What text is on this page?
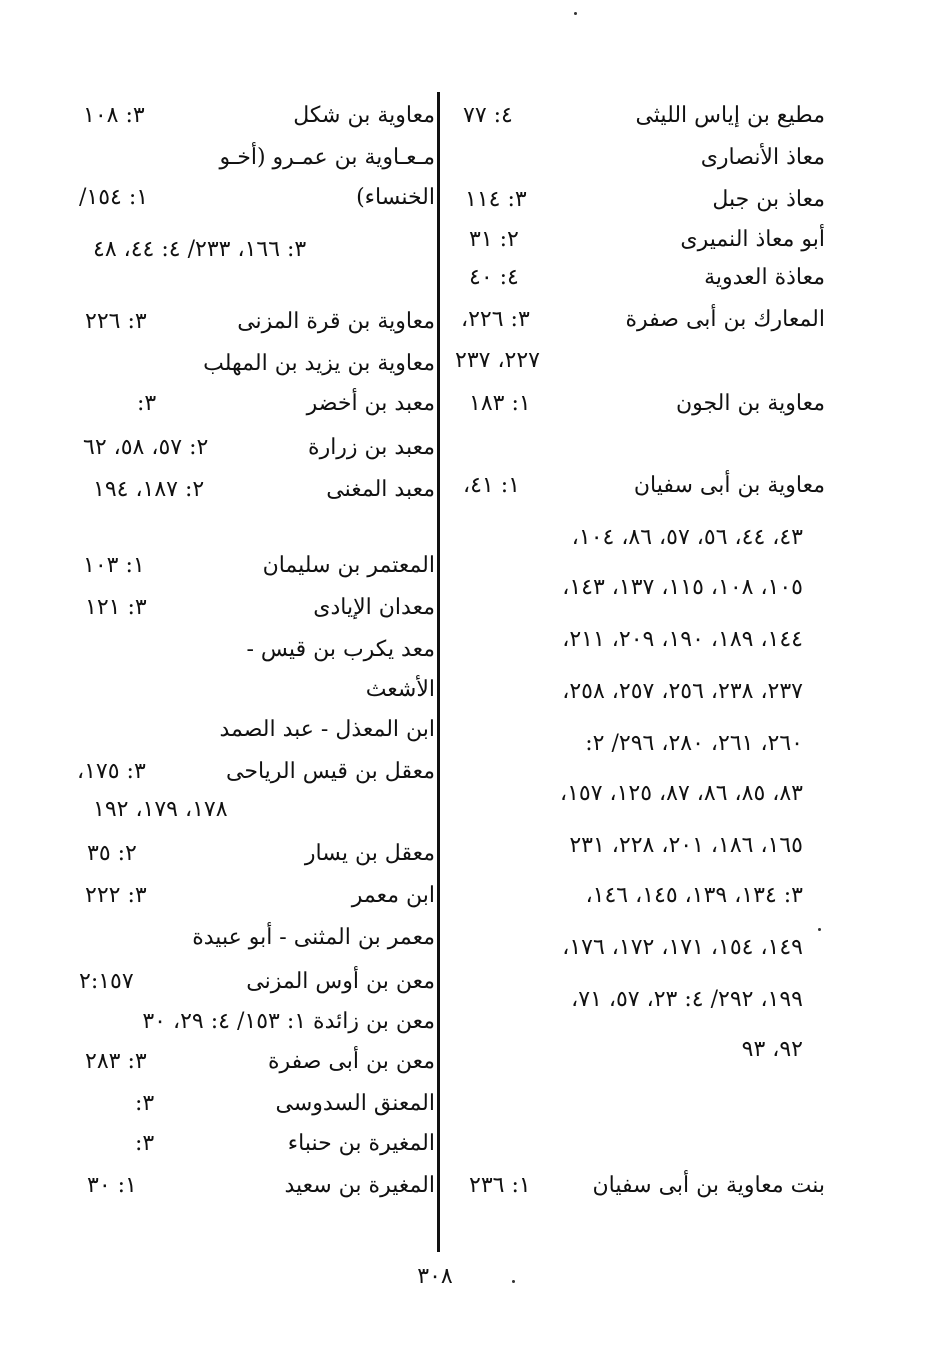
مطيع بن إياس الليثى
٤: ٧٧
معاذ الأنصارى
معاذ بن جبل
٣: ١١٤
أبو معاذ النميرى
٢: ٣١
معاذة العدوية
٤: ٤٠
المعارك بن أبى صفرة
٣: ٢٢٦،
٢٢٧، ٢٣٧
معاوية بن الجون
١: ١٨٣
معاوية بن أبى سفيان
١: ٤١،
٤٣، ٤٤، ٥٦، ٥٧، ٨٦، ١٠٤،
١٠٥، ١٠٨، ١١٥، ١٣٧، ١٤٣،
١٤٤، ١٨٩، ١٩٠، ٢٠٩، ٢١١،
٢٣٧، ٢٣٨، ٢٥٦، ٢٥٧، ٢٥٨،
٢٦٠، ٢٦١، ٢٨٠، ٢٩٦/ ٢:
٨٣، ٨٥، ٨٦، ٨٧، ١٢٥، ١٥٧،
١٦٥، ١٨٦، ٢٠١، ٢٢٨، ٢٣١
٣: ١٣٤، ١٣٩، ١٤٥، ١٤٦،
١٤٩، ١٥٤، ١٧١، ١٧٢، ١٧٦،
١٩٩، ٢٩٢/ ٤: ٢٣، ٥٧، ٧١،
٩٢، ٩٣
بنت معاوية بن أبى سفيان
١: ٢٣٦
معاوية بن شكل
٣: ١٠٨
مـعـاوية بن عمـرو (أخـو
الخنساء)
١: ١٥٤/
٣: ١٦٦، ٢٣٣/ ٤: ٤٤، ٤٨
معاوية بن قرة المزنى
٣: ٢٢٦
معاوية بن يزيد بن المهلب
معبد بن أخضر
٣:
معبد بن زرارة
٢: ٥٧، ٥٨، ٦٢
معبد المغنى
٢: ١٨٧، ١٩٤
المعتمر بن سليمان
١: ١٠٣
معدان الإيادى
٣: ١٢١
معد يكرب بن قيس -
الأشعث
ابن المعذل - عبد الصمد
معقل بن قيس الرياحى
٣: ١٧٥،
١٧٨، ١٧٩، ١٩٢
معقل بن يسار
٢: ٣٥
ابن معمر
٣: ٢٢٢
معمر بن المثنى - أبو عبيدة
معن بن أوس المزنى
٢:١٥٧
معن بن زائدة ١: ١٥٣/ ٤: ٢٩، ٣٠
معن بن أبى صفرة
٣: ٢٨٣
المعنق السدوسى
٣:
المغيرة بن حنباء
٣:
المغيرة بن سعيد
١: ٣٠
٣٠٨
